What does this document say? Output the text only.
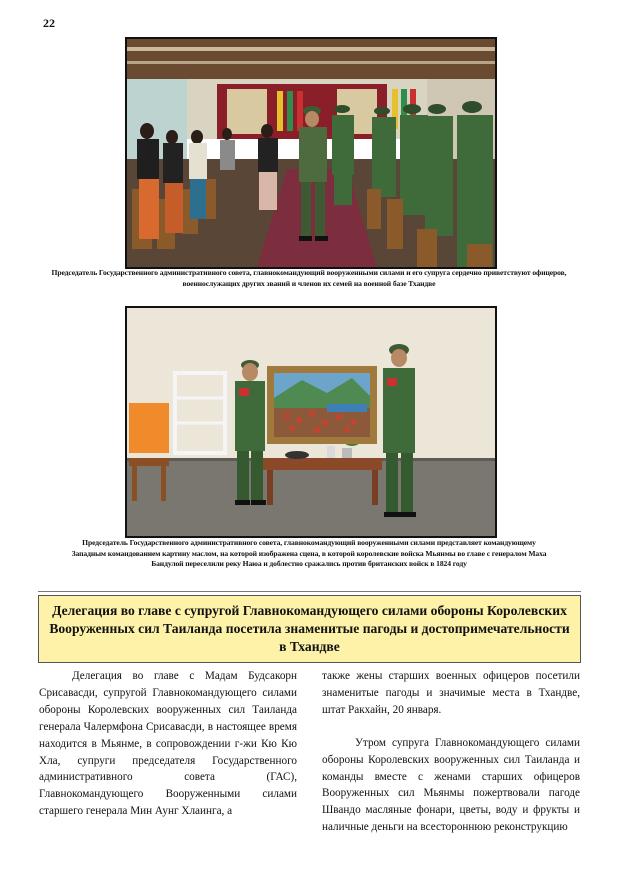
22
Председатель Государственного административного совета, главнокомандующий вооруженными силами и его супруга сердечно приветствуют офицеров, военнослужащих других званий и членов их семей на военной базе Тхандве
Председатель Государственного административного совета, главнокомандующий вооруженными силами представляет командующему Западным командованием картину маслом, на которой изображена сцена, в которой королевские войска Мьянмы во главе с генералом Маха Бандулой переселили реку Наюа и доблестно сражались против британских войск в 1824 году
Делегация во главе с супругой Главнокомандующего силами обороны Королевских Вооруженных сил Таиланда посетила знаменитые пагоды и достопримечательности в Тхандве

Делегация во главе с Мадам Будсакорн Срисавасди, супругой Главнокомандующего силами обороны Королевских вооруженных сил Таиланда генерала Чалермфона Срисавасди, в настоящее время находится в Мьянме, в сопровождении г-жи Кю Кю Хла, супруги председателя Государственного административного совета (ГАС), Главнокомандующего Вооруженными силами старшего генерала Мин Аунг Хлаинга, а

также жены старших военных офицеров посетили знаменитые пагоды и значимые места в Тхандве, штат Ракхайн, 20 января.

Утром супруга Главнокомандующего силами обороны Королевских вооруженных сил Таиланда и команды вместе с женами старших офицеров Вооруженных сил Мьянмы пожертвовали пагоде Швандо масляные фонари, цветы, воду и фрукты и наличные деньги на всестороннюю реконструкцию
